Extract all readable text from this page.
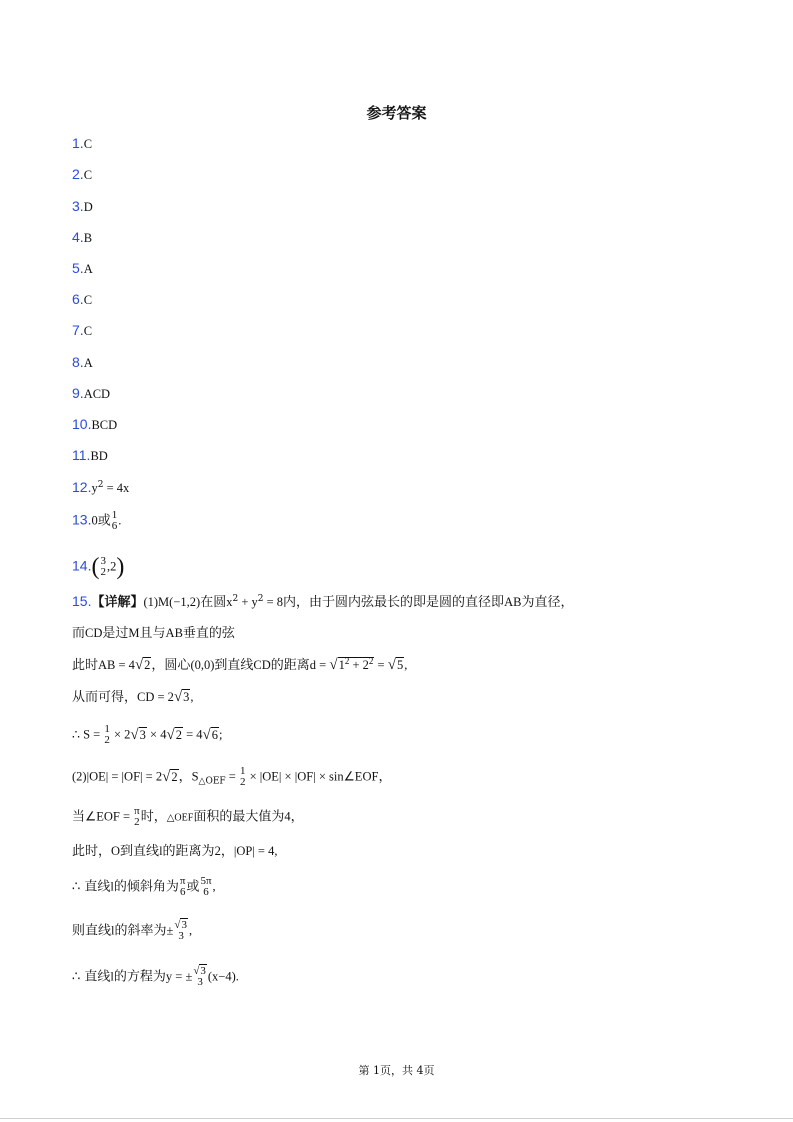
参考答案
1.C
2.C
3.D
4.B
5.A
6.C
7.C
8.A
9.ACD
10.BCD
11.BD
$12.y^2 = 4x$
13.0或 1
6 .
14.( 3
2 ,2)
15.【详解】(1)M(−1,2)在圆$x^2 + y^2 = 8$内，由于圆内弦最长的即是圆的直径即AB为直径，
而CD是过M且与AB垂直的弦
此时AB = 4√2，圆心(0,0)到直线CD的距离$d = √1^2 + 2^2 = √5$,
从而可得，CD = 2√3,
∴ S = 1
2 × 2√3 × 4√2 = 4√6;
(2)|OE| = |OF| = 2√2，$S_{\triangle OEF} = 1$
2 × |OE| × |OF| × sin∠EOF，
当∠EOF = π
2 时，△OEF面积的最大值为4，
此时，O到直线l的距离为2，|OP| = 4,
∴ 直线l的倾斜角为 π
6 或 5π
6 ,
则直线l的斜率为± √3
3 ,
∴ 直线l的方程为y = ± √3
3 (x−4).
第 1页，共 4页
